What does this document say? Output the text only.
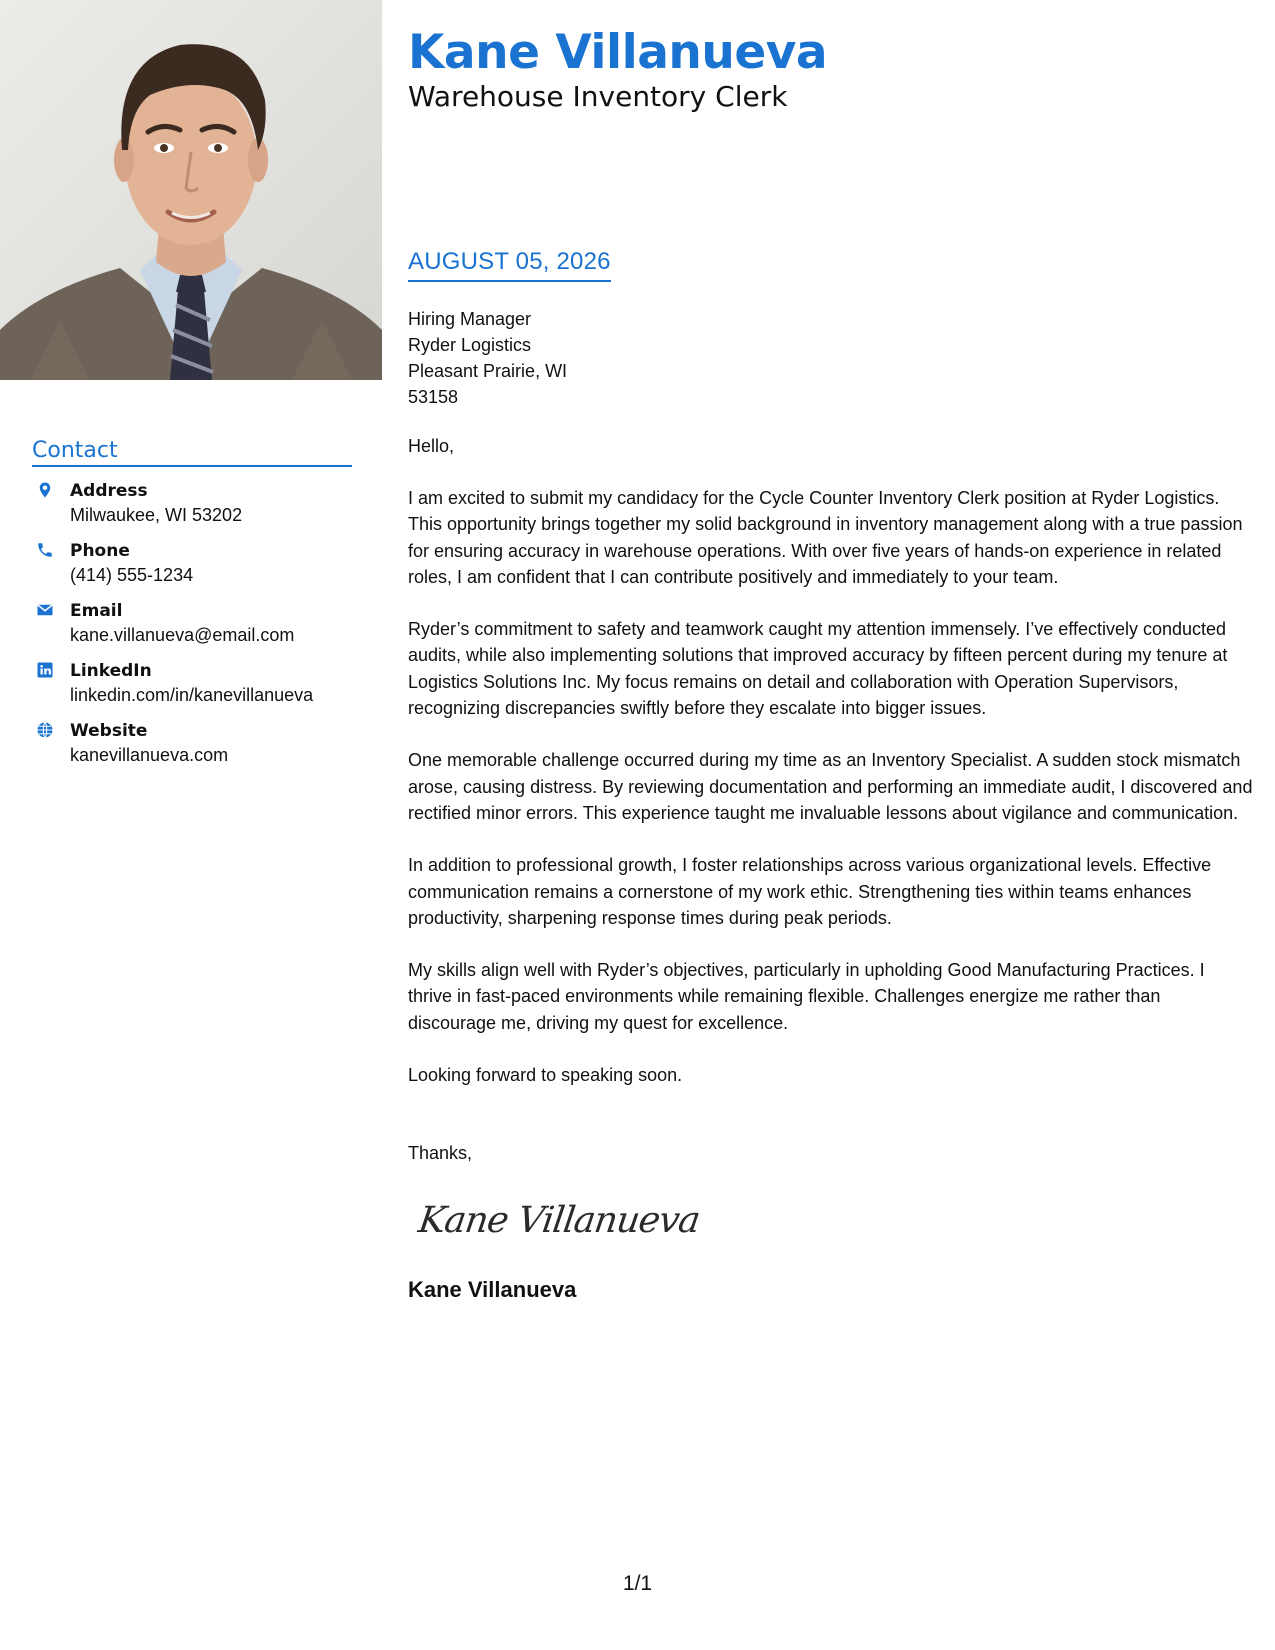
Contact
Address
Milwaukee, WI 53202
Phone
(414) 555-1234
Email
kane.villanueva@email.com
LinkedIn
linkedin.com/in/kanevillanueva
Website
kanevillanueva.com
Kane Villanueva
Warehouse Inventory Clerk
AUGUST 05, 2026
Hiring Manager
Ryder Logistics
Pleasant Prairie, WI
53158
Hello,

I am excited to submit my candidacy for the Cycle Counter Inventory Clerk position at Ryder Logistics. This opportunity brings together my solid background in inventory management along with a true passion for ensuring accuracy in warehouse operations. With over five years of hands-on experience in related roles, I am confident that I can contribute positively and immediately to your team.

Ryder’s commitment to safety and teamwork caught my attention immensely. I’ve effectively conducted audits, while also implementing solutions that improved accuracy by fifteen percent during my tenure at Logistics Solutions Inc. My focus remains on detail and collaboration with Operation Supervisors, recognizing discrepancies swiftly before they escalate into bigger issues.

One memorable challenge occurred during my time as an Inventory Specialist. A sudden stock mismatch arose, causing distress. By reviewing documentation and performing an immediate audit, I discovered and rectified minor errors. This experience taught me invaluable lessons about vigilance and communication.

In addition to professional growth, I foster relationships across various organizational levels. Effective communication remains a cornerstone of my work ethic. Strengthening ties within teams enhances productivity, sharpening response times during peak periods.

My skills align well with Ryder’s objectives, particularly in upholding Good Manufacturing Practices. I thrive in fast-paced environments while remaining flexible. Challenges energize me rather than discourage me, driving my quest for excellence.

Looking forward to speaking soon.

Thanks,
Kane Villanueva
Kane Villanueva
1/1
